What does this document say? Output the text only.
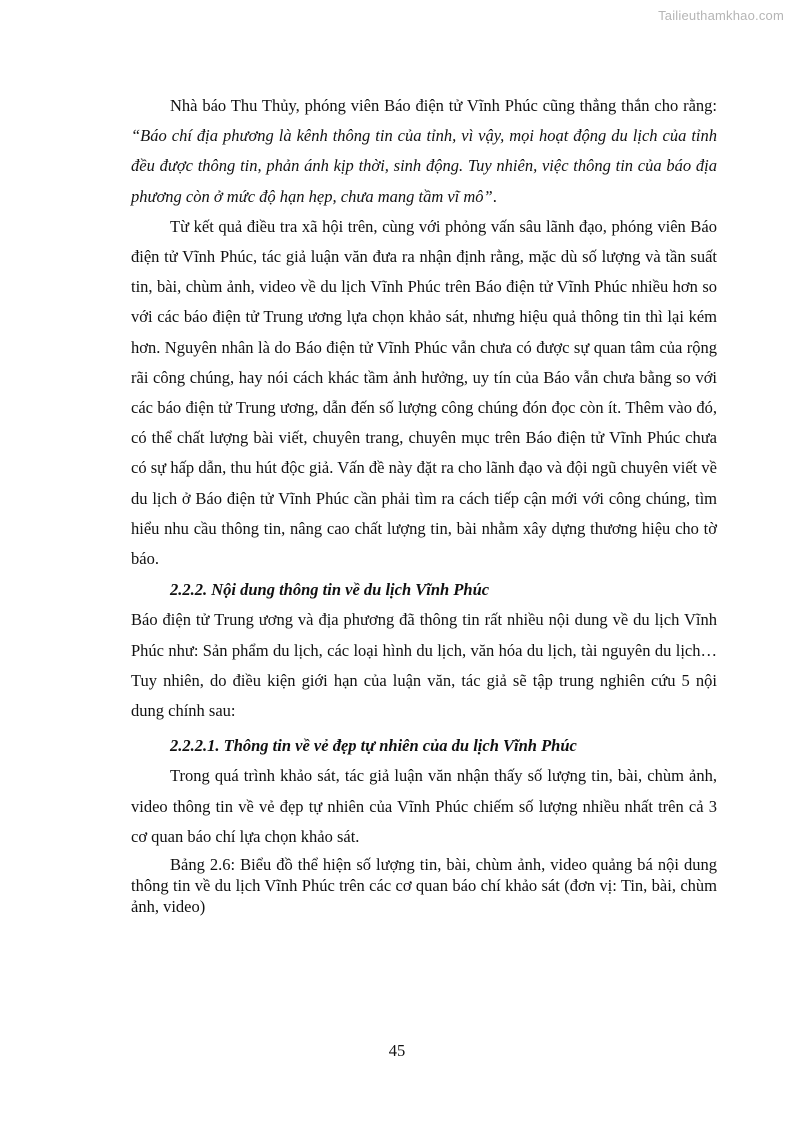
Tailieuthamkhao.com

Nhà báo Thu Thủy, phóng viên Báo điện tử Vĩnh Phúc cũng thẳng thắn cho rằng: “Báo chí địa phương là kênh thông tin của tỉnh, vì vậy, mọi hoạt động du lịch của tỉnh đều được thông tin, phản ánh kịp thời, sinh động. Tuy nhiên, việc thông tin của báo địa phương còn ở mức độ hạn hẹp, chưa mang tầm vĩ mô”.

Từ kết quả điều tra xã hội trên, cùng với phỏng vấn sâu lãnh đạo, phóng viên Báo điện tử Vĩnh Phúc, tác giả luận văn đưa ra nhận định rằng, mặc dù số lượng và tần suất tin, bài, chùm ảnh, video về du lịch Vĩnh Phúc trên Báo điện tử Vĩnh Phúc nhiều hơn so với các báo điện tử Trung ương lựa chọn khảo sát, nhưng hiệu quả thông tin thì lại kém hơn. Nguyên nhân là do Báo điện tử Vĩnh Phúc vẫn chưa có được sự quan tâm của rộng rãi công chúng, hay nói cách khác tầm ảnh hưởng, uy tín của Báo vẫn chưa bằng so với các báo điện tử Trung ương, dẫn đến số lượng công chúng đón đọc còn ít. Thêm vào đó, có thể chất lượng bài viết, chuyên trang, chuyên mục trên Báo điện tử Vĩnh Phúc chưa có sự hấp dẫn, thu hút độc giả. Vấn đề này đặt ra cho lãnh đạo và đội ngũ chuyên viết về du lịch ở Báo điện tử Vĩnh Phúc cần phải tìm ra cách tiếp cận mới với công chúng, tìm hiểu nhu cầu thông tin, nâng cao chất lượng tin, bài nhằm xây dựng thương hiệu cho tờ báo.

2.2.2. Nội dung thông tin về du lịch Vĩnh Phúc

Báo điện tử Trung ương và địa phương đã thông tin rất nhiều nội dung về du lịch Vĩnh Phúc như: Sản phẩm du lịch, các loại hình du lịch, văn hóa du lịch, tài nguyên du lịch… Tuy nhiên, do điều kiện giới hạn của luận văn, tác giả sẽ tập trung nghiên cứu 5 nội dung chính sau:

2.2.2.1. Thông tin về vẻ đẹp tự nhiên của du lịch Vĩnh Phúc

Trong quá trình khảo sát, tác giả luận văn nhận thấy số lượng tin, bài, chùm ảnh, video thông tin về vẻ đẹp tự nhiên của Vĩnh Phúc chiếm số lượng nhiều nhất trên cả 3 cơ quan báo chí lựa chọn khảo sát.

Bảng 2.6: Biểu đồ thể hiện số lượng tin, bài, chùm ảnh, video quảng bá nội dung thông tin về du lịch Vĩnh Phúc trên các cơ quan báo chí khảo sát (đơn vị: Tin, bài, chùm ảnh, video)

45
